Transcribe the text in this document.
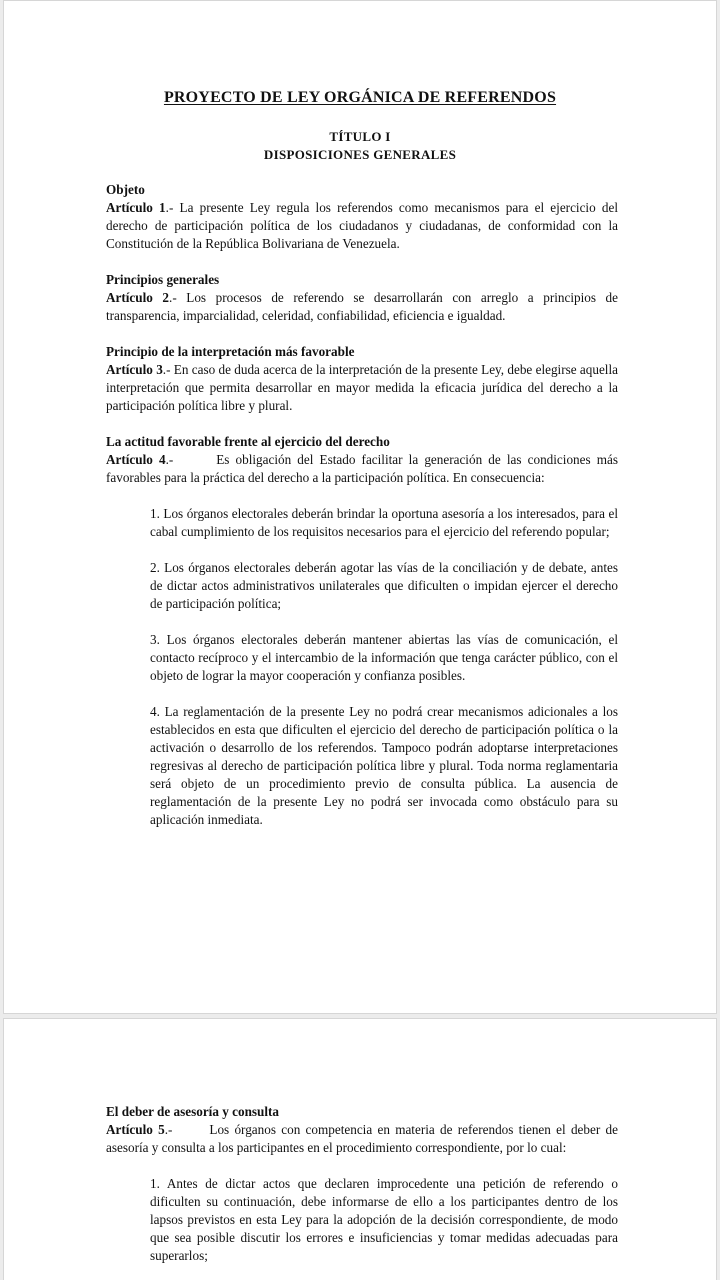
PROYECTO DE LEY ORGÁNICA DE REFERENDOS
TÍTULO I
DISPOSICIONES GENERALES
Objeto
Artículo 1.- La presente Ley regula los referendos como mecanismos para el ejercicio del derecho de participación política de los ciudadanos y ciudadanas, de conformidad con la Constitución de la República Bolivariana de Venezuela.
Principios generales
Artículo 2.- Los procesos de referendo se desarrollarán con arreglo a principios de transparencia, imparcialidad, celeridad, confiabilidad, eficiencia e igualdad.
Principio de la interpretación más favorable
Artículo 3.- En caso de duda acerca de la interpretación de la presente Ley, debe elegirse aquella interpretación que permita desarrollar en mayor medida la eficacia jurídica del derecho a la participación política libre y plural.
La actitud favorable frente al ejercicio del derecho
Artículo 4.-       Es obligación del Estado facilitar la generación de las condiciones más favorables para la práctica del derecho a la participación política. En consecuencia:
1. Los órganos electorales deberán brindar la oportuna asesoría a los interesados, para el cabal cumplimiento de los requisitos necesarios para el ejercicio del referendo popular;
2. Los órganos electorales deberán agotar las vías de la conciliación y de debate, antes de dictar actos administrativos unilaterales que dificulten o impidan ejercer el derecho de participación política;
3. Los órganos electorales deberán mantener abiertas las vías de comunicación, el contacto recíproco y el intercambio de la información que tenga carácter público, con el objeto de lograr la mayor cooperación y confianza posibles.
4. La reglamentación de la presente Ley no podrá crear mecanismos adicionales a los establecidos en esta que dificulten el ejercicio del derecho de participación política o la activación o desarrollo de los referendos. Tampoco podrán adoptarse interpretaciones regresivas al derecho de participación política libre y plural. Toda norma reglamentaria será objeto de un procedimiento previo de consulta pública. La ausencia de reglamentación de la presente Ley no podrá ser invocada como obstáculo para su aplicación inmediata.
El deber de asesoría y consulta
Artículo 5.-       Los órganos con competencia en materia de referendos tienen el deber de asesoría y consulta a los participantes en el procedimiento correspondiente, por lo cual:
1. Antes de dictar actos que declaren improcedente una petición de referendo o dificulten su continuación, debe informarse de ello a los participantes dentro de los lapsos previstos en esta Ley para la adopción de la decisión correspondiente, de modo que sea posible discutir los errores e insuficiencias y tomar medidas adecuadas para superarlos;
